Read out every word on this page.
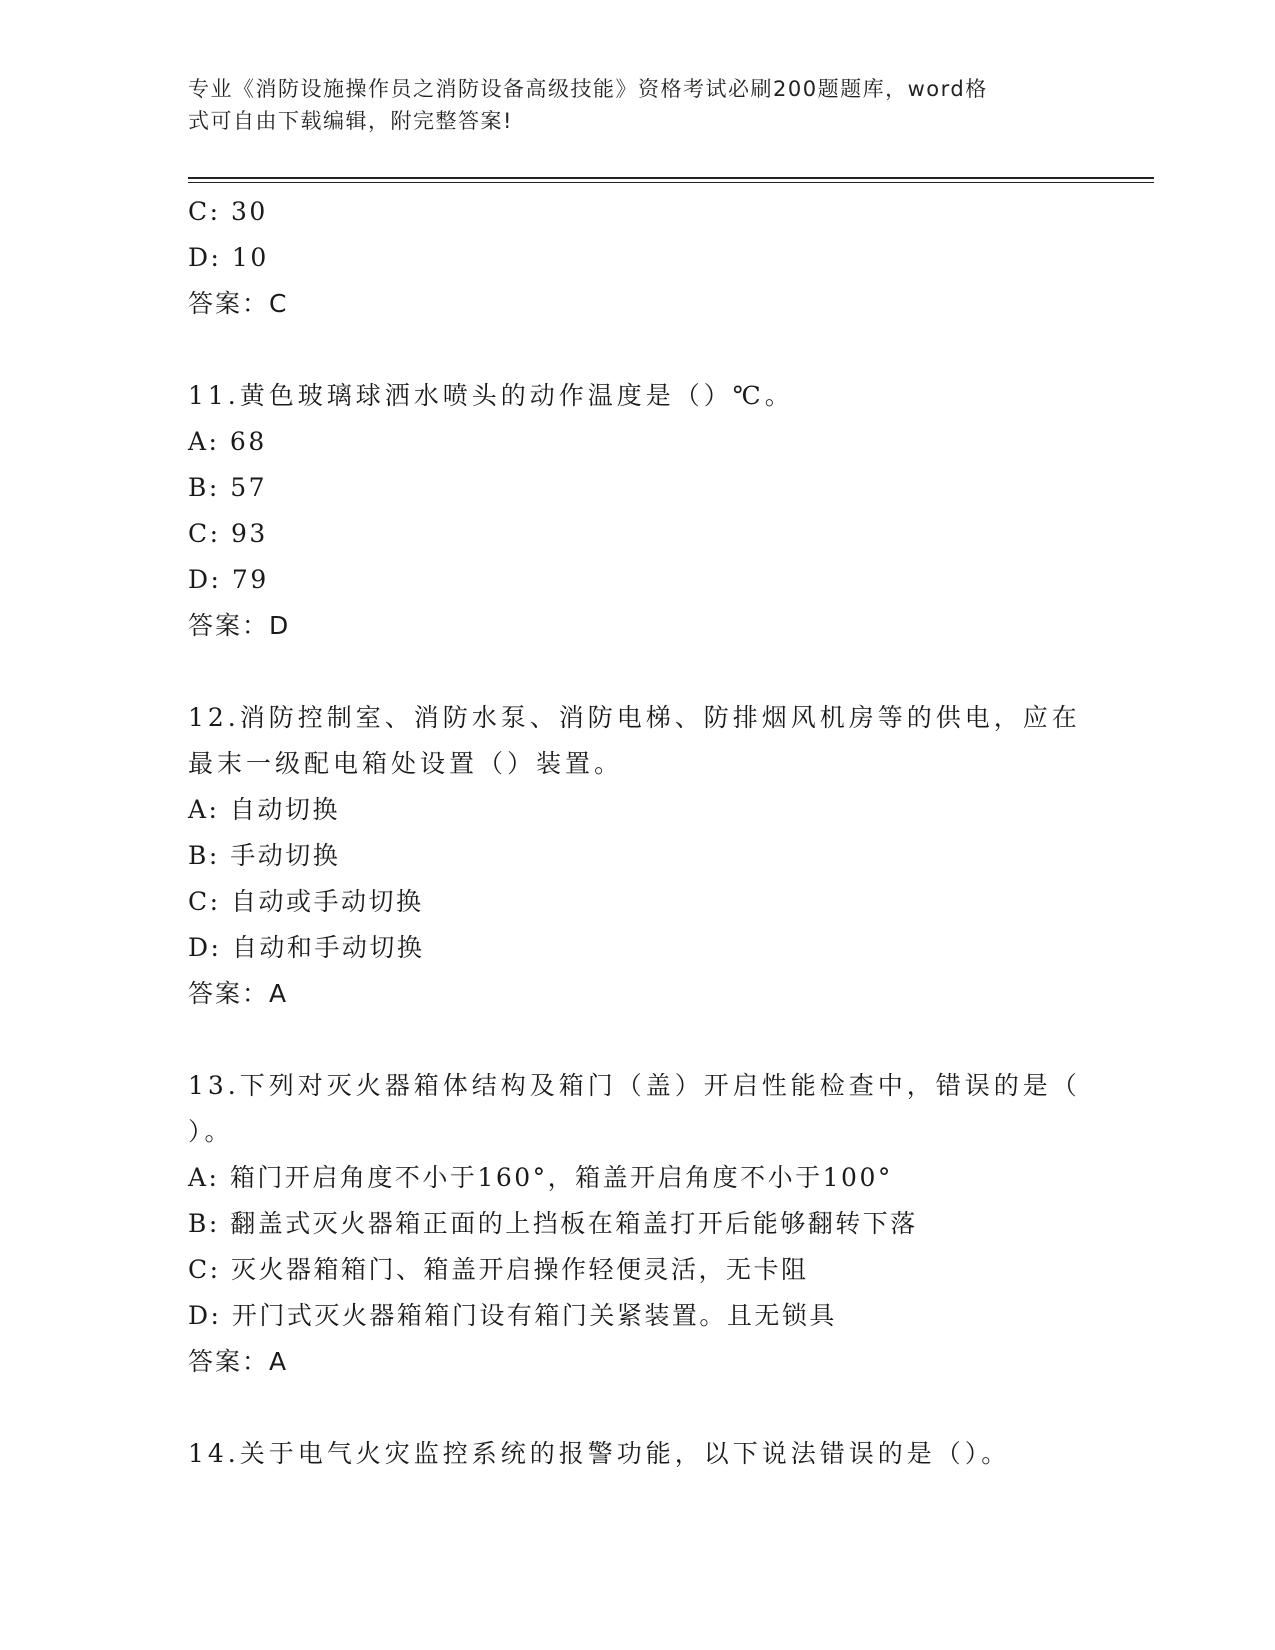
专业《消防设施操作员之消防设备高级技能》资格考试必刷200题题库，word格
式可自由下载编辑，附完整答案!
C: 30
D: 10
答案：C
11.黄色玻璃球洒水喷头的动作温度是（）℃。
A: 68
B: 57
C: 93
D: 79
答案：D
12.消防控制室、消防水泵、消防电梯、防排烟风机房等的供电，应在
最末一级配电箱处设置（）装置。
A: 自动切换
B: 手动切换
C: 自动或手动切换
D: 自动和手动切换
答案：A
13.下列对灭火器箱体结构及箱门（盖）开启性能检查中，错误的是（
）。
A: 箱门开启角度不小于160°，箱盖开启角度不小于100°
B: 翻盖式灭火器箱正面的上挡板在箱盖打开后能够翻转下落
C: 灭火器箱箱门、箱盖开启操作轻便灵活，无卡阻
D: 开门式灭火器箱箱门设有箱门关紧装置。且无锁具
答案：A
14.关于电气火灾监控系统的报警功能，以下说法错误的是（）。
